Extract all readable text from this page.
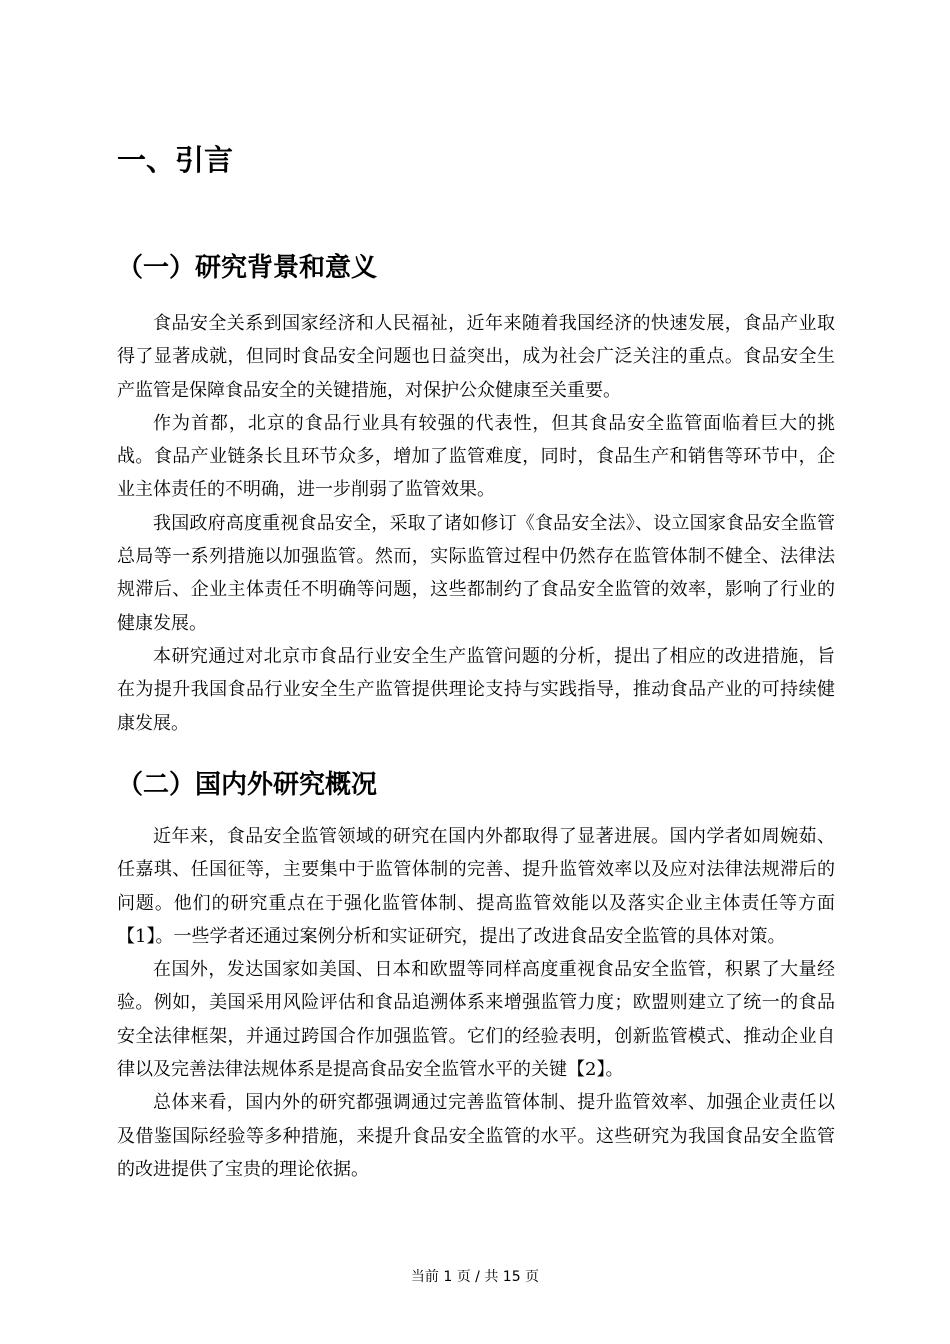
一、引言
（一）研究背景和意义

食品安全关系到国家经济和人民福祉，近年来随着我国经济的快速发展，食品产业取得了显著成就，但同时食品安全问题也日益突出，成为社会广泛关注的重点。食品安全生产监管是保障食品安全的关键措施，对保护公众健康至关重要。

作为首都，北京的食品行业具有较强的代表性，但其食品安全监管面临着巨大的挑战。食品产业链条长且环节众多，增加了监管难度，同时，食品生产和销售等环节中，企业主体责任的不明确，进一步削弱了监管效果。

我国政府高度重视食品安全，采取了诸如修订《食品安全法》、设立国家食品安全监管总局等一系列措施以加强监管。然而，实际监管过程中仍然存在监管体制不健全、法律法规滞后、企业主体责任不明确等问题，这些都制约了食品安全监管的效率，影响了行业的健康发展。

本研究通过对北京市食品行业安全生产监管问题的分析，提出了相应的改进措施，旨在为提升我国食品行业安全生产监管提供理论支持与实践指导，推动食品产业的可持续健康发展。

（二）国内外研究概况

近年来，食品安全监管领域的研究在国内外都取得了显著进展。国内学者如周婉茹、任嘉琪、任国征等，主要集中于监管体制的完善、提升监管效率以及应对法律法规滞后的问题。他们的研究重点在于强化监管体制、提高监管效能以及落实企业主体责任等方面【1】。一些学者还通过案例分析和实证研究，提出了改进食品安全监管的具体对策。

在国外，发达国家如美国、日本和欧盟等同样高度重视食品安全监管，积累了大量经验。例如，美国采用风险评估和食品追溯体系来增强监管力度；欧盟则建立了统一的食品安全法律框架，并通过跨国合作加强监管。它们的经验表明，创新监管模式、推动企业自律以及完善法律法规体系是提高食品安全监管水平的关键【2】。

总体来看，国内外的研究都强调通过完善监管体制、提升监管效率、加强企业责任以及借鉴国际经验等多种措施，来提升食品安全监管的水平。这些研究为我国食品安全监管的改进提供了宝贵的理论依据。

当前 1 页 / 共 15 页
